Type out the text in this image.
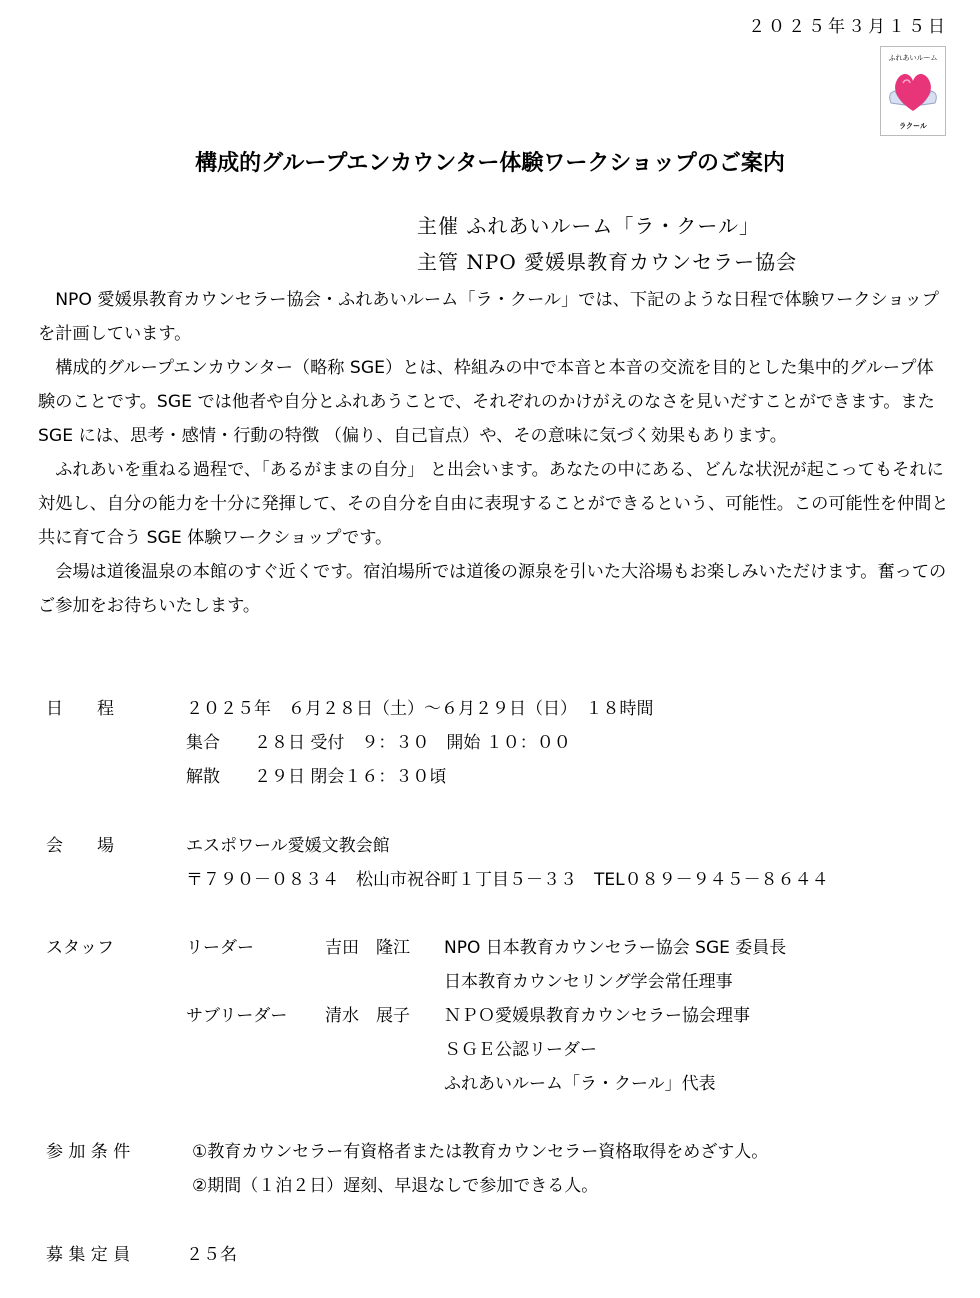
２０２５年３月１５日
ふれあいルーム
ラクール
構成的グループエンカウンター体験ワークショップのご案内
主催 ふれあいルーム「ラ・クール」
主管 NPO 愛媛県教育カウンセラー協会

NPO 愛媛県教育カウンセラー協会・ふれあいルーム「ラ・クール」では、下記のような日程で体験ワークショップを計画しています。

構成的グループエンカウンター（略称 SGE）とは、枠組みの中で本音と本音の交流を目的とした集中的グループ体験のことです。SGE では他者や自分とふれあうことで、それぞれのかけがえのなさを見いだすことができます。また SGE には、思考・感情・行動の特徴 （偏り、自己盲点）や、その意味に気づく効果もあります。

ふれあいを重ねる過程で、「あるがままの自分」 と出会います。あなたの中にある、どんな状況が起こってもそれに対処し、自分の能力を十分に発揮して、その自分を自由に表現することができるという、可能性。この可能性を仲間と共に育て合う SGE 体験ワークショップです。

会場は道後温泉の本館のすぐ近くです。宿泊場所では道後の源泉を引いた大浴場もお楽しみいただけます。奮ってのご参加をお待ちいたします。

日　　程	２０２５年　６月２８日（土）～６月２９日（日）　１８時間
集合　　２８日 受付　９：３０　開始 １０：００
解散　　２９日 閉会１６：３０頃
会　　場	エスポワール愛媛文教会館
〒７９０－０８３４　松山市祝谷町１丁目５－３３　TEL０８９－９４５－８６４４
スタッフ	リーダー	吉田　隆江 NPO 日本教育カウンセラー協会 SGE 委員長
日本教育カウンセリング学会常任理事
サブリーダー 清水　展子 ＮＰＯ愛媛県教育カウンセラー協会理事
ＳＧＥ公認リーダー
ふれあいルーム「ラ・クール」代表
参 加 条 件	①教育カウンセラー有資格者または教育カウンセラー資格取得をめざす人。
②期間（１泊２日）遅刻、早退なしで参加できる人。
募 集 定 員	２５名
